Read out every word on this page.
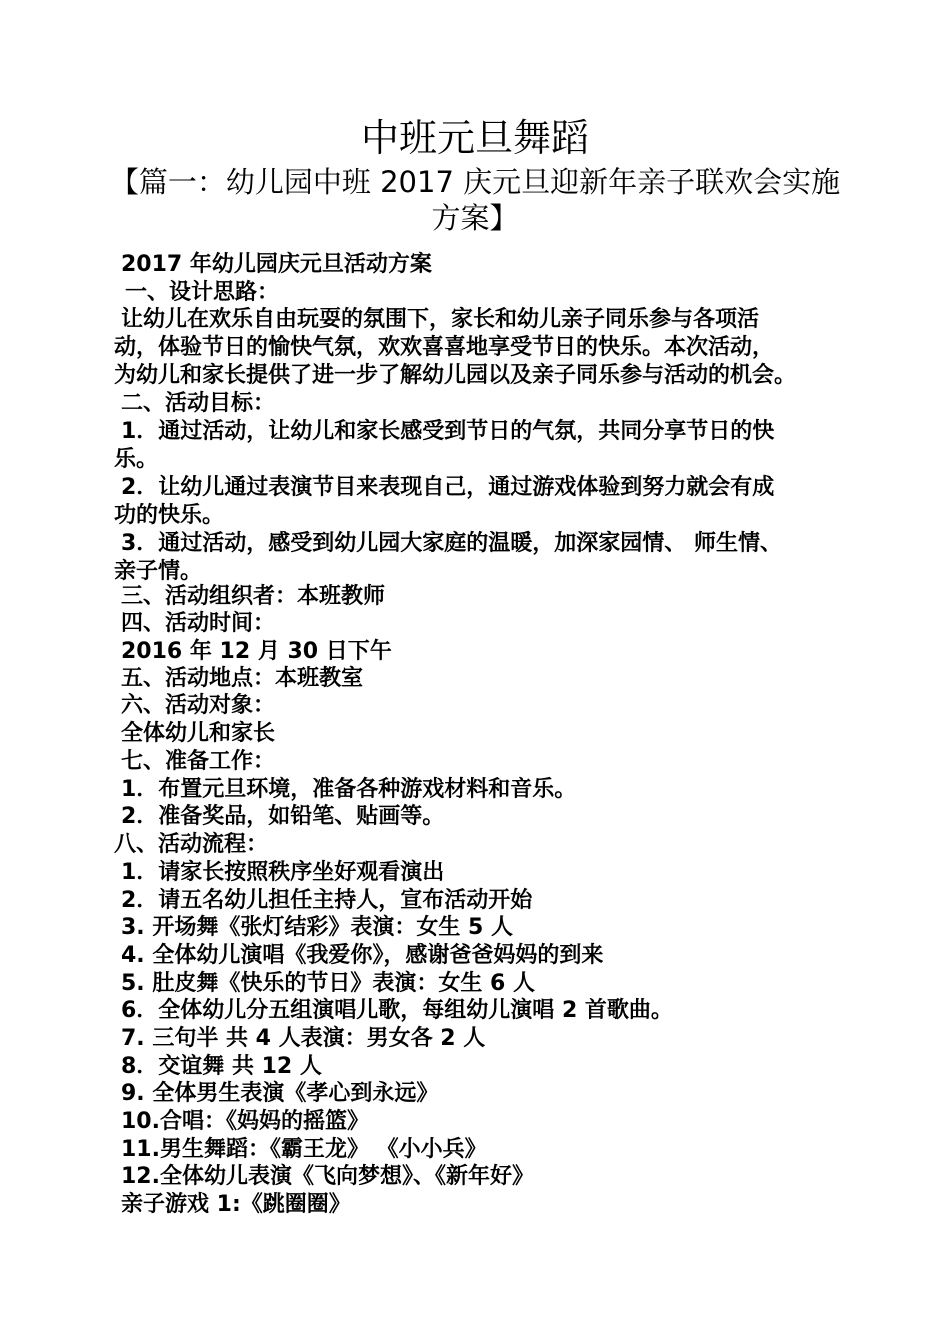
中班元旦舞蹈

【篇一：幼儿园中班 2017 庆元旦迎新年亲子联欢会实施方案】

2017 年幼儿园庆元旦活动方案
一、设计思路：
让幼儿在欢乐自由玩耍的氛围下，家长和幼儿亲子同乐参与各项活
动，体验节日的愉快气氛，欢欢喜喜地享受节日的快乐。本次活动，
为幼儿和家长提供了进一步了解幼儿园以及亲子同乐参与活动的机会。
二、活动目标：
1．通过活动，让幼儿和家长感受到节日的气氛，共同分享节日的快
乐。
2．让幼儿通过表演节目来表现自己，通过游戏体验到努力就会有成
功的快乐。
3．通过活动，感受到幼儿园大家庭的温暖，加深家园情、 师生情、
亲子情。
三、活动组织者：本班教师
四、活动时间：
2016 年 12 月 30 日下午
五、活动地点：本班教室
六、活动对象：
全体幼儿和家长
七、准备工作：
1．布置元旦环境，准备各种游戏材料和音乐。
2．准备奖品，如铅笔、贴画等。
八、活动流程：
1．请家长按照秩序坐好观看演出
2．请五名幼儿担任主持人，宣布活动开始
3. 开场舞《张灯结彩》表演：女生 5 人
4. 全体幼儿演唱《我爱你》，感谢爸爸妈妈的到来
5. 肚皮舞《快乐的节日》表演：女生 6 人
6．全体幼儿分五组演唱儿歌，每组幼儿演唱 2 首歌曲。
7. 三句半 共 4 人表演：男女各 2 人
8．交谊舞 共 12 人
9. 全体男生表演《孝心到永远》
10.合唱：《妈妈的摇篮》
11.男生舞蹈：《霸王龙》 《小小兵》
12.全体幼儿表演《飞向梦想》、《新年好》
亲子游戏 1:《跳圈圈》
